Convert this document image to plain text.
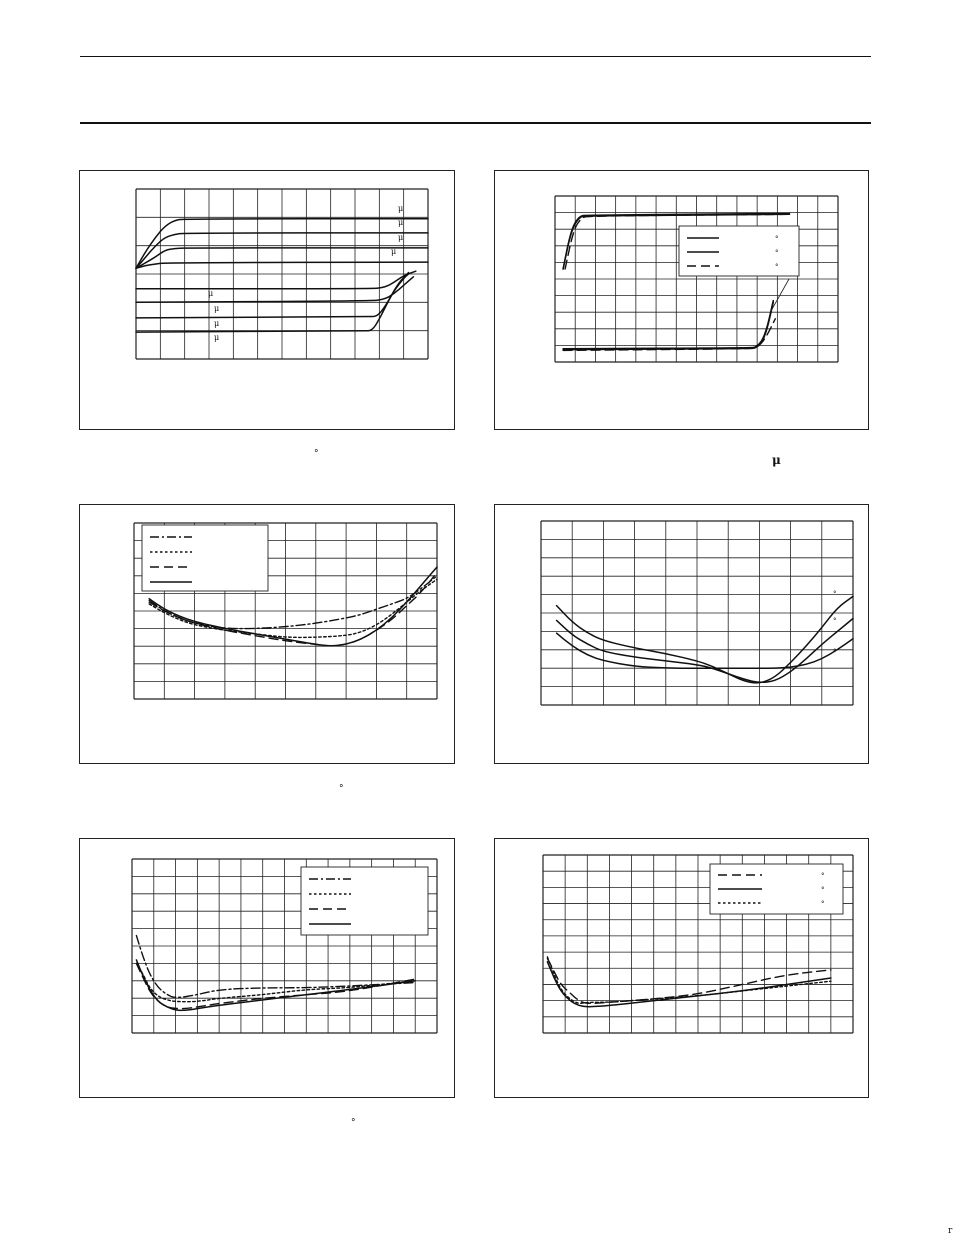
μ
μ
μ
μ
μ
μ
μ
μ
°
°
°
°
°
°
°
°
°
°	μ
°
°
r
